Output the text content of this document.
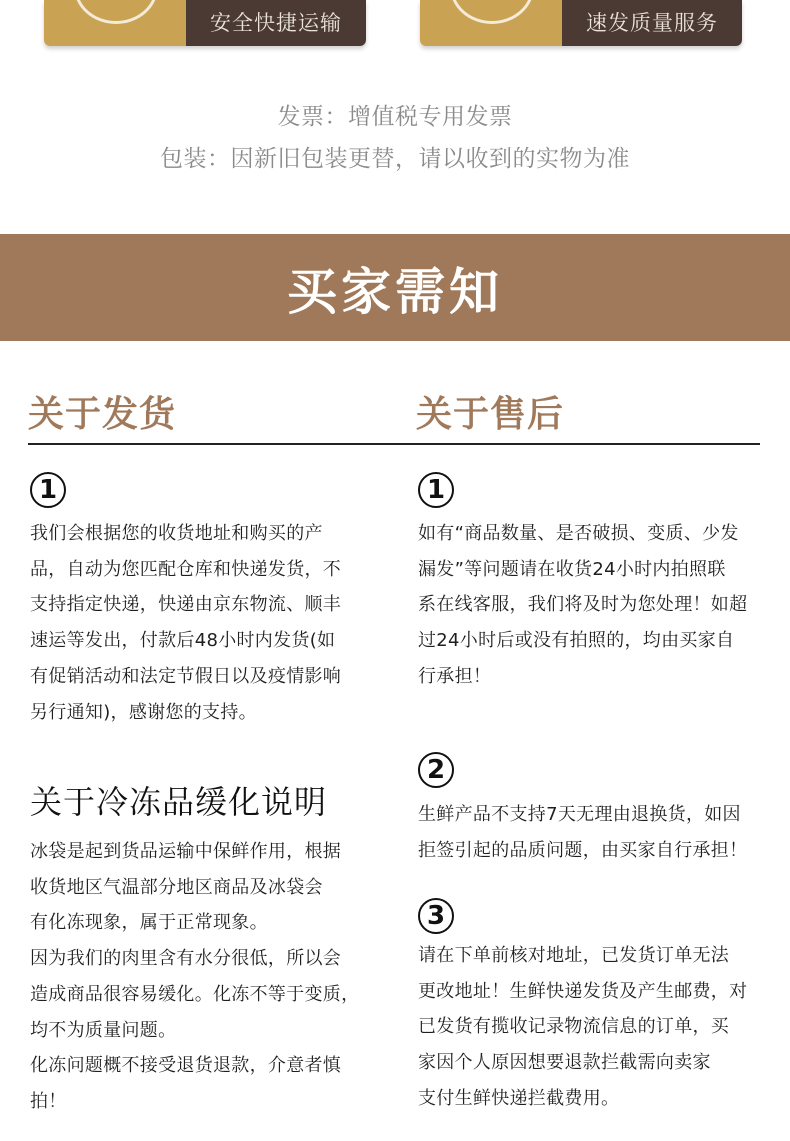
安全快捷运输	速发质量服务
发票：增值税专用发票
包装：因新旧包装更替，请以收到的实物为准
买家需知
关于发货	关于售后
1
我们会根据您的收货地址和购买的产
品，自动为您匹配仓库和快递发货，不
支持指定快递，快递由京东物流、顺丰
速运等发出，付款后48小时内发货(如
有促销活动和法定节假日以及疫情影响
另行通知)，感谢您的支持。
关于冷冻品缓化说明
冰袋是起到货品运输中保鲜作用，根据
收货地区气温部分地区商品及冰袋会
有化冻现象，属于正常现象。
因为我们的肉里含有水分很低，所以会
造成商品很容易缓化。化冻不等于变质，
均不为质量问题。
化冻问题概不接受退货退款，介意者慎
拍！
1
如有“商品数量、是否破损、变质、少发
漏发”等问题请在收货24小时内拍照联
系在线客服，我们将及时为您处理！如超
过24小时后或没有拍照的，均由买家自
行承担！
2
生鲜产品不支持7天无理由退换货，如因
拒签引起的品质问题，由买家自行承担！
3
请在下单前核对地址，已发货订单无法
更改地址！生鲜快递发货及产生邮费，对
已发货有揽收记录物流信息的订单，买
家因个人原因想要退款拦截需向卖家
支付生鲜快递拦截费用。
